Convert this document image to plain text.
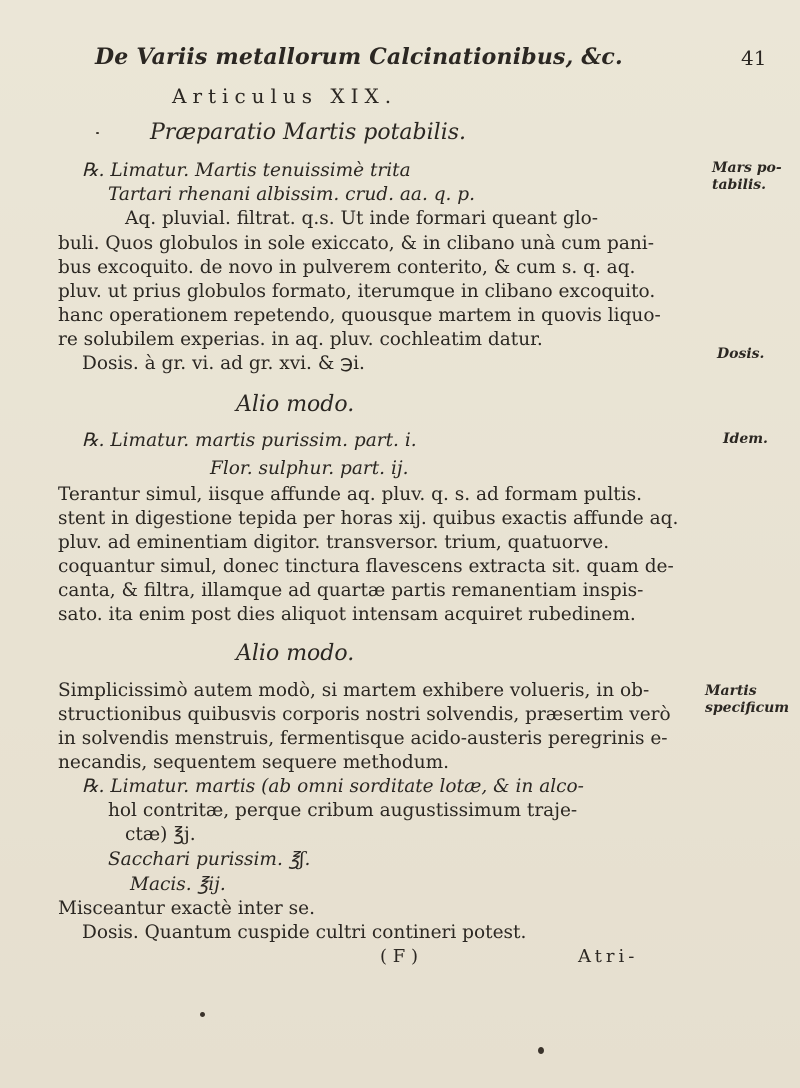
De Variis metallorum Calcinationibus, &c.	41
Articulus XIX.
Præparatio Martis potabilis.
℞. Limatur. Martis tenuissimè trita
Tartari rhenani albissim. crud. aa. q. p.
Aq. pluvial. filtrat. q.s. Ut inde formari queant glo-
buli. Quos globulos in sole exiccato, & in clibano unà cum pani-
bus excoquito. de novo in pulverem conterito, & cum s. q. aq.
pluv. ut prius globulos formato, iterumque in clibano excoquito.
hanc operationem repetendo, quousque martem in quovis liquo-
re solubilem experias. in aq. pluv. cochleatim datur.
Dosis. à gr. vi. ad gr. xvi. & ℈i.
Alio modo.
℞. Limatur. martis purissim. part. i.
Flor. sulphur. part. ij.
Terantur simul, iisque affunde aq. pluv. q. s. ad formam pultis.
stent in digestione tepida per horas xij. quibus exactis affunde aq.
pluv. ad eminentiam digitor. transversor. trium, quatuorve.
coquantur simul, donec tinctura flavescens extracta sit. quam de-
canta, & filtra, illamque ad quartæ partis remanentiam inspis-
sato. ita enim post dies aliquot intensam acquiret rubedinem.
Alio modo.
Simplicissimò autem modò, si martem exhibere volueris, in ob-
structionibus quibusvis corporis nostri solvendis, præsertim verò
in solvendis menstruis, fermentisque acido-austeris peregrinis e-
necandis, sequentem sequere methodum.
℞. Limatur. martis (ab omni sorditate lotæ, & in alco-
hol contritæ, perque cribum augustissimum traje-
ctæ) ℥j.
Sacchari purissim. ℥ʃ.
Macis. ℥ij.
Misceantur exactè inter se.
Dosis. Quantum cuspide cultri contineri potest.
Mars po-
tabilis.
Dosis.
Idem.
Martis
specificum
( F )	Atri-
